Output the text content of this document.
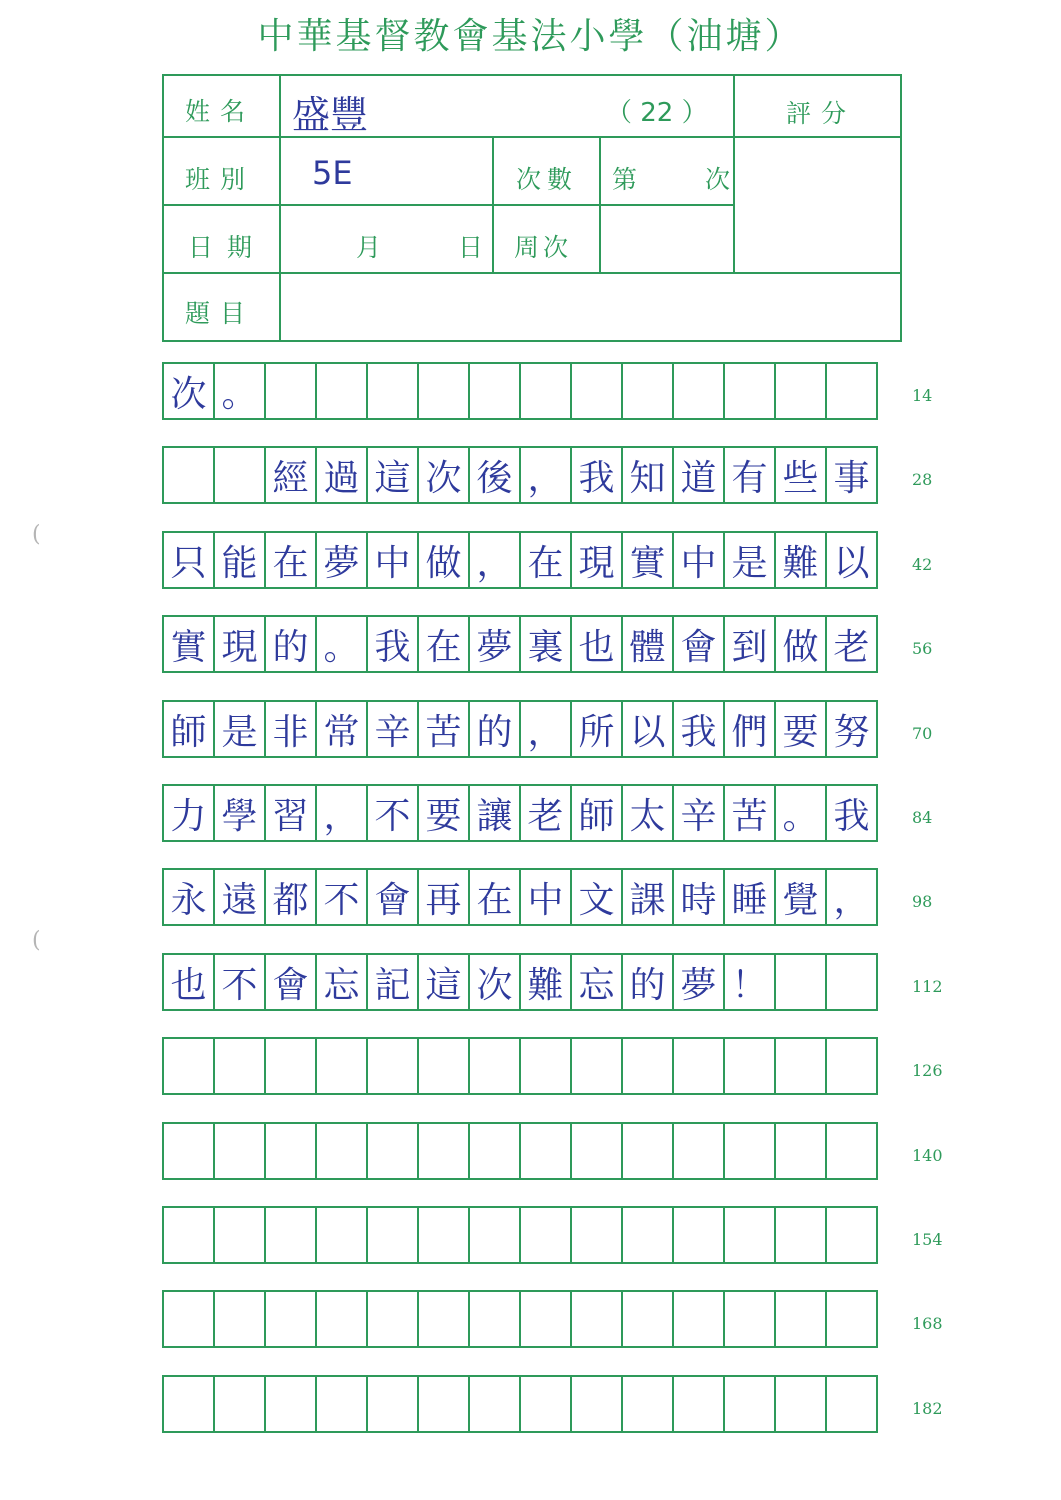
中華基督教會基法小學（油塘）
姓名 盛豐	（ 22 ）	評分
班別 5E	次數 第　　次
日期	月	日 周次
題目
次 。	14
經 過 這 次 後 ， 我 知 道 有 些 事	28
只 能 在 夢 中 做 ， 在 現 實 中 是 難 以	42
實 現 的 。 我 在 夢 裏 也 體 會 到 做 老	56
師 是 非 常 辛 苦 的 ， 所 以 我 們 要 努	70
力 學 習 ， 不 要 讓 老 師 太 辛 苦 。 我	84
永 遠 都 不 會 再 在 中 文 課 時 睡 覺 ，	98
也 不 會 忘 記 這 次 難 忘 的 夢 ！	112
126
140
154
168
182
(
(
